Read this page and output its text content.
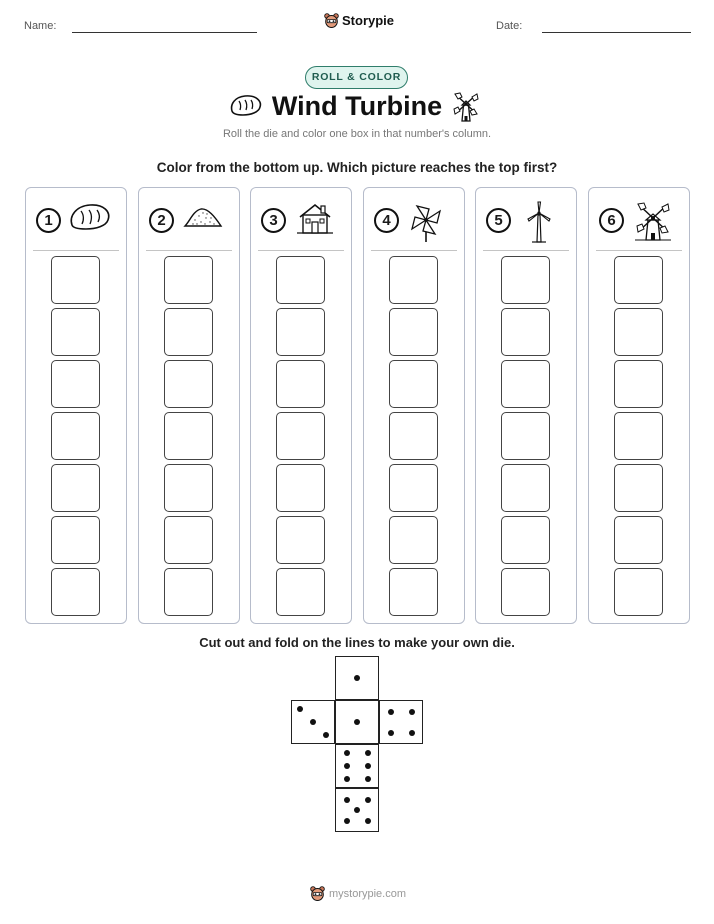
Name:	Storypie	Date:
ROLL & COLOR
Wind Turbine
Roll the die and color one box in that number's column.
Color from the bottom up. Which picture reaches the top first?
1	2	3	4	5	6
Cut out and fold on the lines to make your own die.
mystorypie.com
